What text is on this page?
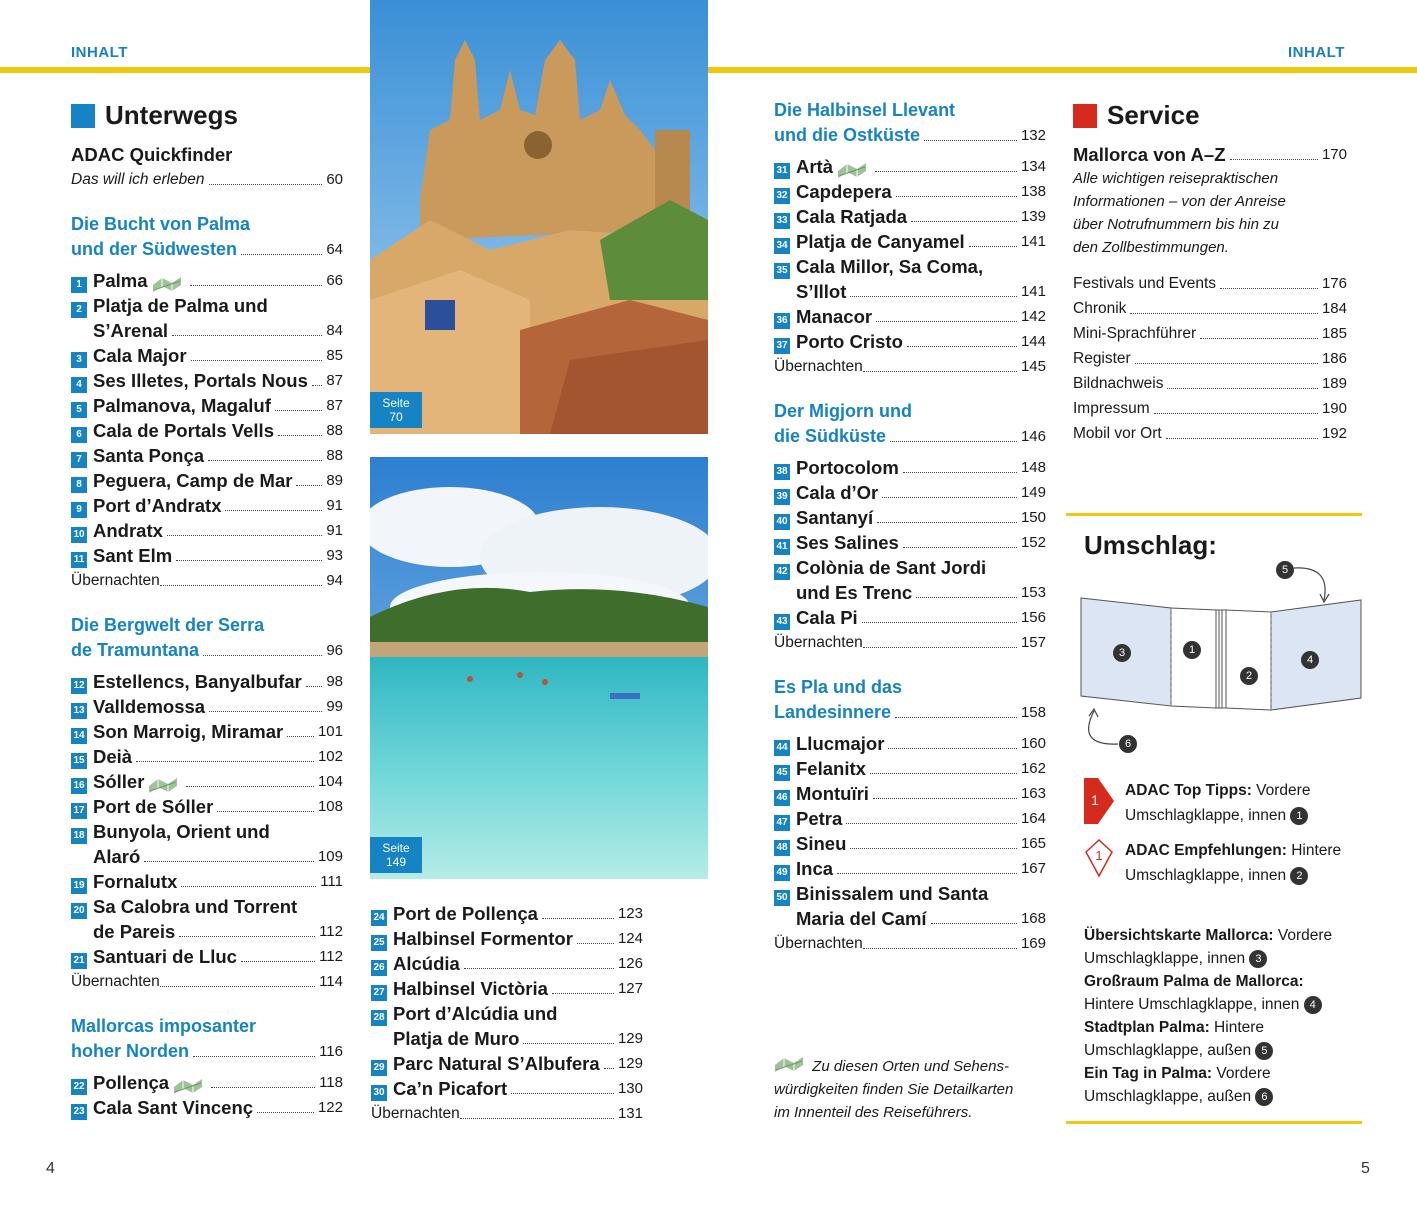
INHALT	INHALT
Unterwegs
ADAC Quickfinder
Das will ich erleben	60
Die Bucht von Palma
und der Südwesten	64
1 Palma	66
2 Platja de Palma und
S’Arenal	84
3 Cala Major	85
4 Ses Illetes, Portals Nous 87
5 Palmanova, Magaluf	87
6 Cala de Portals Vells	88
7 Santa Ponça	88
8 Peguera, Camp de Mar 89
9 Port d’Andratx	91
10 Andratx	91
11 Sant Elm	93
Übernachten	94
Die Bergwelt der Serra
de Tramuntana	96
12 Estellencs, Banyalbufar 98
13 Valldemossa	99
14 Son Marroig, Miramar 101
15 Deià	102
16 Sóller	104
17 Port de Sóller	108
18 Bunyola, Orient und
Alaró	109
19 Fornalutx	111
20 Sa Calobra und Torrent
de Pareis	112
21 Santuari de Lluc	112
Übernachten	114
Mallorcas imposanter
hoher Norden	116
22 Pollença	118
23 Cala Sant Vincenç	122
Seite
70
Seite
149
24 Port de Pollença	123
25 Halbinsel Formentor	124
26 Alcúdia	126
27 Halbinsel Victòria	127
28 Port d’Alcúdia und
Platja de Muro	129
29 Parc Natural S’Albufera 129
30 Ca’n Picafort	130
Übernachten	131
Die Halbinsel Llevant
und die Ostküste	132
31 Artà	134
32 Capdepera	138
33 Cala Ratjada	139
34 Platja de Canyamel	141
35 Cala Millor, Sa Coma,
S’Illot	141
36 Manacor	142
37 Porto Cristo	144
Übernachten	145
Der Migjorn und
die Südküste	146
38 Portocolom	148
39 Cala d’Or	149
40 Santanyí	150
41 Ses Salines	152
42 Colònia de Sant Jordi
und Es Trenc	153
43 Cala Pi	156
Übernachten	157
Es Pla und das
Landesinnere	158
44 Llucmajor	160
45 Felanitx	162
46 Montuïri	163
47 Petra	164
48 Sineu	165
49 Inca	167
50 Binissalem und Santa
Maria del Camí	168
Übernachten	169
Zu diesen Orten und Sehens-
würdigkeiten finden Sie Detailkarten
im Innenteil des Reiseführers.
Service
Mallorca von A–Z	170
Alle wichtigen reisepraktischen
Informationen – von der Anreise
über Notrufnummern bis hin zu
den Zollbestimmungen.
Festivals und Events	176
Chronik	184
Mini-Sprachführer	185
Register	186
Bildnachweis	189
Impressum	190
Mobil vor Ort	192
Umschlag:
5
3	1
2
4
6
1
ADAC Top Tipps: Vordere
Umschlagklappe, innen 1
1	ADAC Empfehlungen: Hintere
Umschlagklappe, innen 2
Übersichtskarte Mallorca: Vordere
Umschlagklappe, innen 3
Großraum Palma de Mallorca:
Hintere Umschlagklappe, innen 4
Stadtplan Palma: Hintere
Umschlagklappe, außen 5
Ein Tag in Palma: Vordere
Umschlagklappe, außen 6
4	5
